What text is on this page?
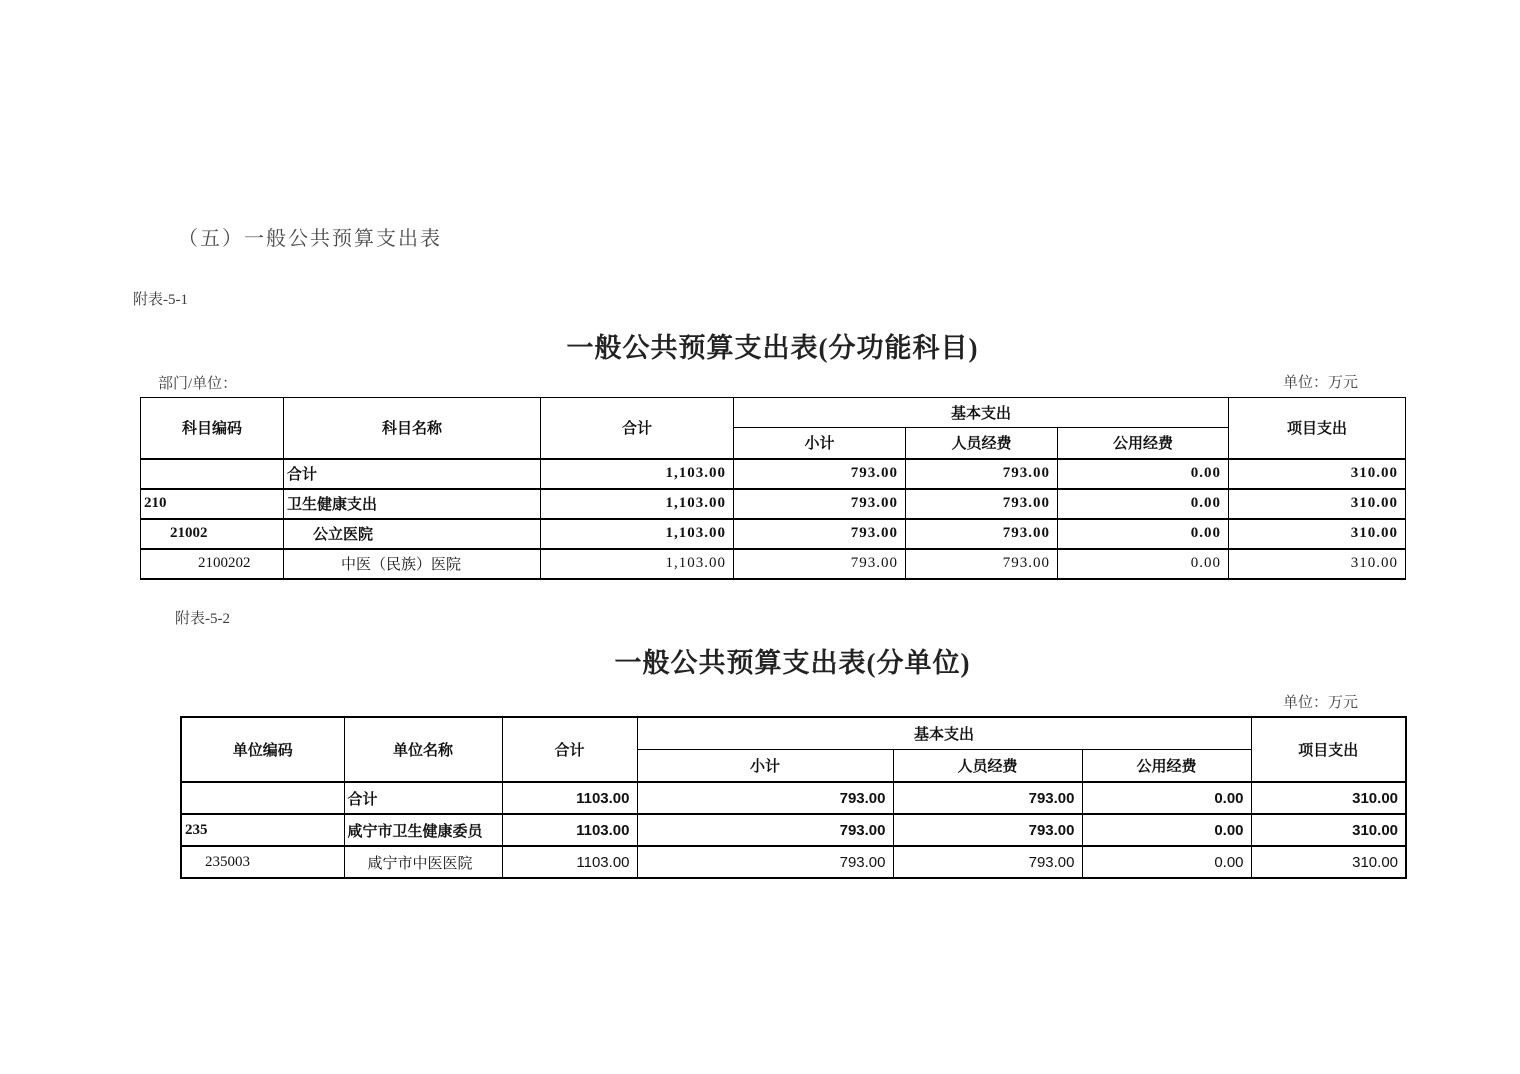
（五）一般公共预算支出表
附表-5-1
一般公共预算支出表(分功能科目)
部门/单位：	单位：万元
科目编码	科目名称	合计	基本支出			项目支出
			小计	人员经费	公用经费	
	合计	1,103.00	793.00	793.00	0.00	310.00
210	卫生健康支出	1,103.00	793.00	793.00	0.00	310.00
21002	公立医院	1,103.00	793.00	793.00	0.00	310.00
2100202	中医（民族）医院	1,103.00	793.00	793.00	0.00	310.00
附表-5-2
一般公共预算支出表(分单位)
单位：万元
单位编码	单位名称	合计	基本支出			项目支出
			小计	人员经费	公用经费	
	合计	1103.00	793.00	793.00	0.00	310.00
235	咸宁市卫生健康委员	1103.00	793.00	793.00	0.00	310.00
235003	咸宁市中医医院	1103.00	793.00	793.00	0.00	310.00
